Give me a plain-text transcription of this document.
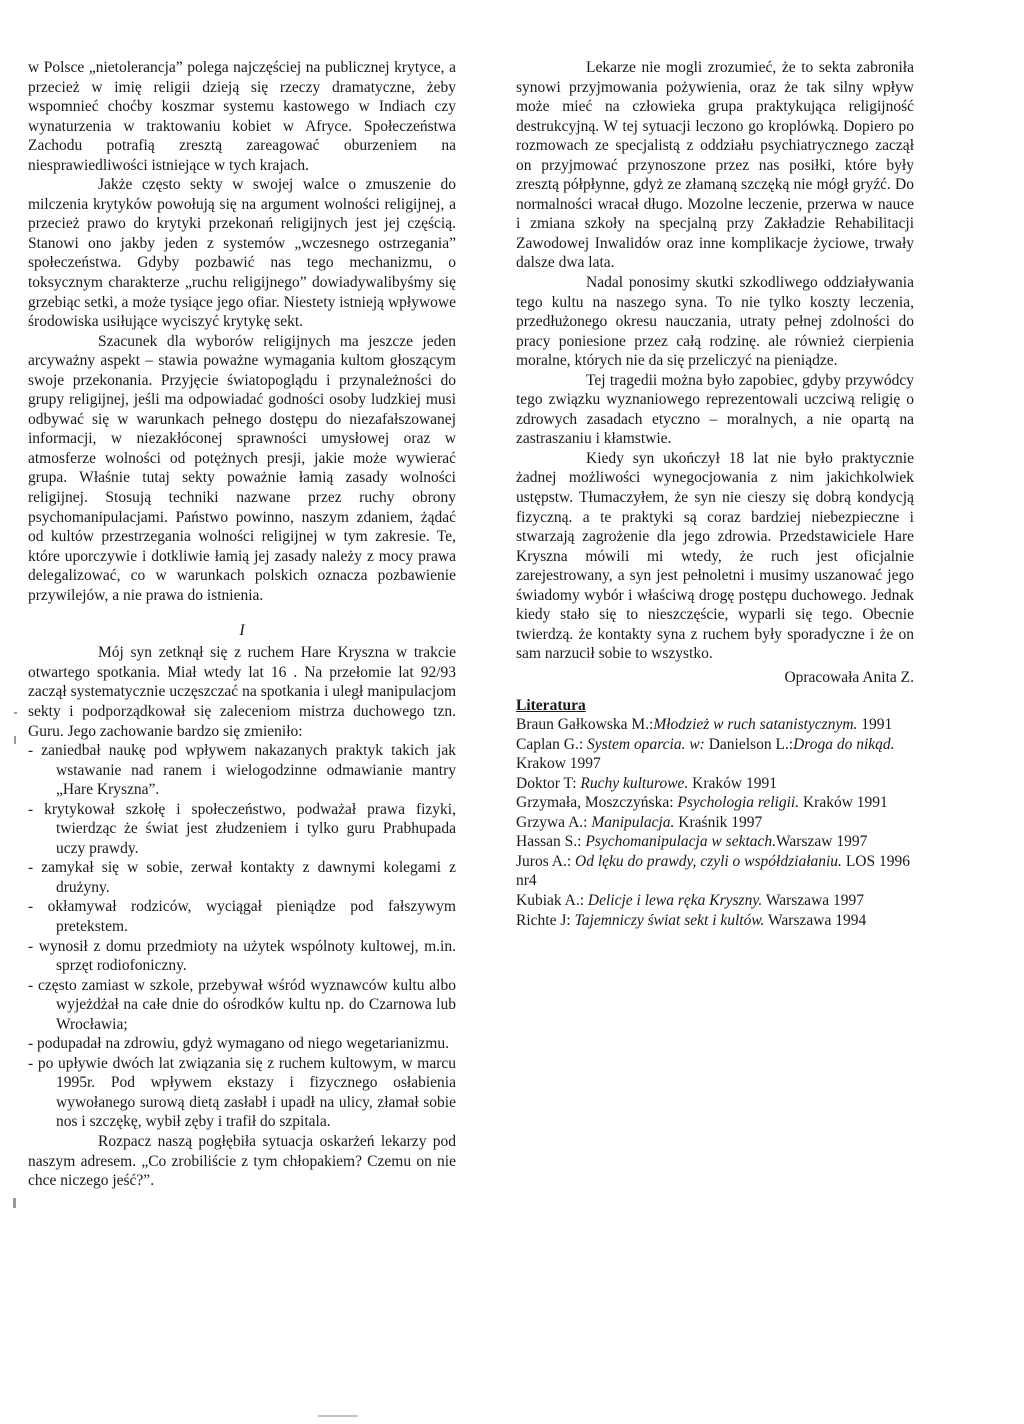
w Polsce „nietolerancja” polega najczęściej na publicznej krytyce, a przecież w imię religii dzieją się rzeczy dramatyczne, żeby wspomnieć choćby koszmar systemu kastowego w Indiach czy wynaturzenia w traktowaniu kobiet w Afryce. Społeczeństwa Zachodu potrafią zresztą zareagować oburzeniem na niesprawiedliwości istniejące w tych krajach.

Jakże często sekty w swojej walce o zmuszenie do milczenia krytyków powołują się na argument wolności religijnej, a przecież prawo do krytyki przekonań religijnych jest jej częścią. Stanowi ono jakby jeden z systemów „wczesnego ostrzegania” społeczeństwa. Gdyby pozbawić nas tego mechanizmu, o toksycznym charakterze „ruchu religijnego” dowiadywalibyśmy się grzebiąc setki, a może tysiące jego ofiar. Niestety istnieją wpływowe środowiska usiłujące wyciszyć krytykę sekt.

Szacunek dla wyborów religijnych ma jeszcze jeden arcyważny aspekt – stawia poważne wymagania kultom głoszącym swoje przekonania. Przyjęcie światopoglądu i przynależności do grupy religijnej, jeśli ma odpowiadać godności osoby ludzkiej musi odbywać się w warunkach pełnego dostępu do niezafałszowanej informacji, w niezakłóconej sprawności umysłowej oraz w atmosferze wolności od potężnych presji, jakie może wywierać grupa. Właśnie tutaj sekty poważnie łamią zasady wolności religijnej. Stosują techniki nazwane przez ruchy obrony psychomanipulacjami. Państwo powinno, naszym zdaniem, żądać od kultów przestrzegania wolności religijnej w tym zakresie. Te, które uporczywie i dotkliwie łamią jej zasady należy z mocy prawa delegalizować, co w warunkach polskich oznacza pozbawienie przywilejów, a nie prawa do istnienia.

I

Mój syn zetknął się z ruchem Hare Kryszna w trakcie otwartego spotkania. Miał wtedy lat 16 . Na przełomie lat 92/93 zaczął systematycznie uczęszczać na spotkania i uległ manipulacjom sekty i podporządkował się zaleceniom mistrza duchowego tzn. Guru. Jego zachowanie bardzo się zmieniło:

- zaniedbał naukę pod wpływem nakazanych praktyk takich jak wstawanie nad ranem i wielogodzinne odmawianie mantry „Hare Kryszna”.
- krytykował szkołę i społeczeństwo, podważał prawa fizyki, twierdząc że świat jest złudzeniem i tylko guru Prabhupada uczy prawdy.
- zamykał się w sobie, zerwał kontakty z dawnymi kolegami z drużyny.
- okłamywał rodziców, wyciągał pieniądze pod fałszywym pretekstem.
- wynosił z domu przedmioty na użytek wspólnoty kultowej, m.in. sprzęt rodiofoniczny.
- często zamiast w szkole, przebywał wśród wyznawców kultu albo wyjeżdżał na całe dnie do ośrodków kultu np. do Czarnowa lub Wrocławia;
- podupadał na zdrowiu, gdyż wymagano od niego wegetarianizmu.
- po upływie dwóch lat związania się z ruchem kultowym, w marcu 1995r. Pod wpływem ekstazy i fizycznego osłabienia wywołanego surową dietą zasłabł i upadł na ulicy, złamał sobie nos i szczękę, wybił zęby i trafił do szpitala.

Rozpacz naszą pogłębiła sytuacja oskarżeń lekarzy pod naszym adresem. „Co zrobiliście z tym chłopakiem? Czemu on nie chce niczego jeść?”.

Lekarze nie mogli zrozumieć, że to sekta zabroniła synowi przyjmowania pożywienia, oraz że tak silny wpływ może mieć na człowieka grupa praktykująca religijność destrukcyjną. W tej sytuacji leczono go kroplówką. Dopiero po rozmowach ze specjalistą z oddziału psychiatrycznego zaczął on przyjmować przynoszone przez nas posiłki, które były zresztą półpłynne, gdyż ze złamaną szczęką nie mógł gryźć. Do normalności wracał długo. Mozolne leczenie, przerwa w nauce i zmiana szkoły na specjalną przy Zakładzie Rehabilitacji Zawodowej Inwalidów oraz inne komplikacje życiowe, trwały dalsze dwa lata.

Nadal ponosimy skutki szkodliwego oddziaływania tego kultu na naszego syna. To nie tylko koszty leczenia, przedłużonego okresu nauczania, utraty pełnej zdolności do pracy poniesione przez całą rodzinę. ale również cierpienia moralne, których nie da się przeliczyć na pieniądze.

Tej tragedii można było zapobiec, gdyby przywódcy tego związku wyznaniowego reprezentowali uczciwą religię o zdrowych zasadach etyczno – moralnych, a nie opartą na zastraszaniu i kłamstwie.

Kiedy syn ukończył 18 lat nie było praktycznie żadnej możliwości wynegocjowania z nim jakichkolwiek ustępstw. Tłumaczyłem, że syn nie cieszy się dobrą kondycją fizyczną. a te praktyki są coraz bardziej niebezpieczne i stwarzają zagrożenie dla jego zdrowia. Przedstawiciele Hare Kryszna mówili mi wtedy, że ruch jest oficjalnie zarejestrowany, a syn jest pełnoletni i musimy uszanować jego świadomy wybór i właściwą drogę postępu duchowego. Jednak kiedy stało się to nieszczęście, wyparli się tego. Obecnie twierdzą. że kontakty syna z ruchem były sporadyczne i że on sam narzucił sobie to wszystko.

Opracowała Anita Z.

Literatura

Braun Gałkowska M.:Młodzież w ruch satanistycznym. 1991
Caplan G.: System oparcia. w: Danielson L.:Droga do nikąd. Krakow 1997
Doktor T: Ruchy kulturowe. Kraków 1991
Grzymała, Moszczyńska: Psychologia religii. Kraków 1991
Grzywa A.: Manipulacja. Kraśnik 1997
Hassan S.: Psychomanipulacja w sektach.Warszaw 1997
Juros A.: Od lęku do prawdy, czyli o współdziałaniu. LOS 1996 nr4
Kubiak A.: Delicje i lewa ręka Kryszny. Warszawa 1997
Richte J: Tajemniczy świat sekt i kultów. Warszawa 1994
